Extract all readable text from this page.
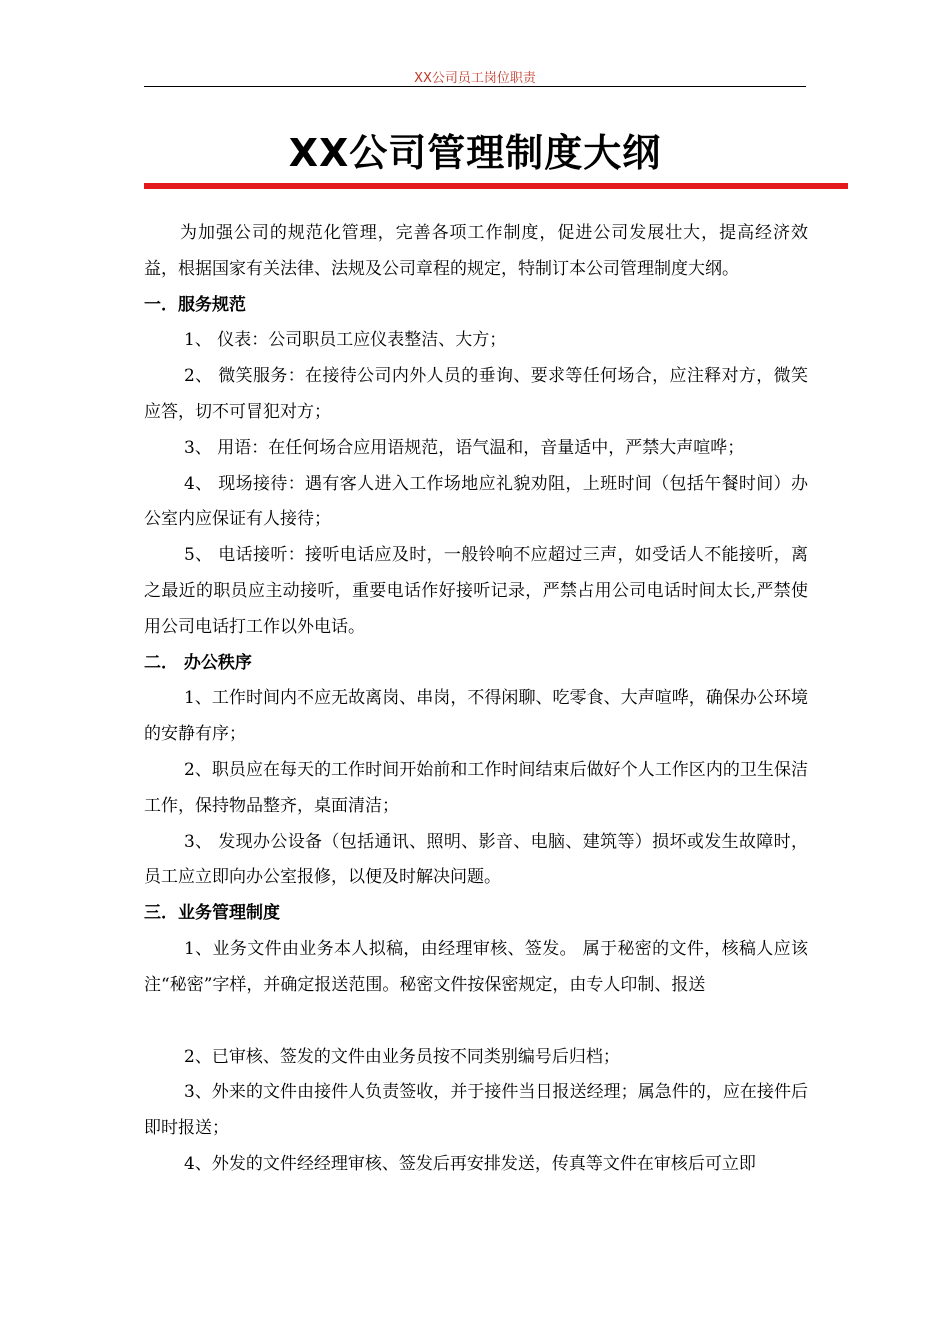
XX公司员工岗位职责
XX公司管理制度大纲

为加强公司的规范化管理，完善各项工作制度，促进公司发展壮大，提高经济效益，根据国家有关法律、法规及公司章程的规定，特制订本公司管理制度大纲。

一．服务规范

1、 仪表：公司职员工应仪表整洁、大方；

2、 微笑服务：在接待公司内外人员的垂询、要求等任何场合，应注释对方，微笑应答，切不可冒犯对方；

3、 用语：在任何场合应用语规范，语气温和，音量适中，严禁大声喧哗；

4、 现场接待：遇有客人进入工作场地应礼貌劝阻，上班时间（包括午餐时间）办公室内应保证有人接待；

5、 电话接听：接听电话应及时，一般铃响不应超过三声，如受话人不能接听，离之最近的职员应主动接听，重要电话作好接听记录，严禁占用公司电话时间太长,严禁使用公司电话打工作以外电话。

二． 办公秩序

1、工作时间内不应无故离岗、串岗，不得闲聊、吃零食、大声喧哗，确保办公环境的安静有序；

2、职员应在每天的工作时间开始前和工作时间结束后做好个人工作区内的卫生保洁工作，保持物品整齐，桌面清洁；

3、 发现办公设备（包括通讯、照明、影音、电脑、建筑等）损坏或发生故障时，员工应立即向办公室报修，以便及时解决问题。

三．业务管理制度

1、业务文件由业务本人拟稿，由经理审核、签发。 属于秘密的文件，核稿人应该注“秘密”字样，并确定报送范围。秘密文件按保密规定，由专人印制、报送

2、已审核、签发的文件由业务员按不同类别编号后归档；

3、外来的文件由接件人负责签收，并于接件当日报送经理；属急件的，应在接件后即时报送；

4、外发的文件经经理审核、签发后再安排发送，传真等文件在审核后可立即
